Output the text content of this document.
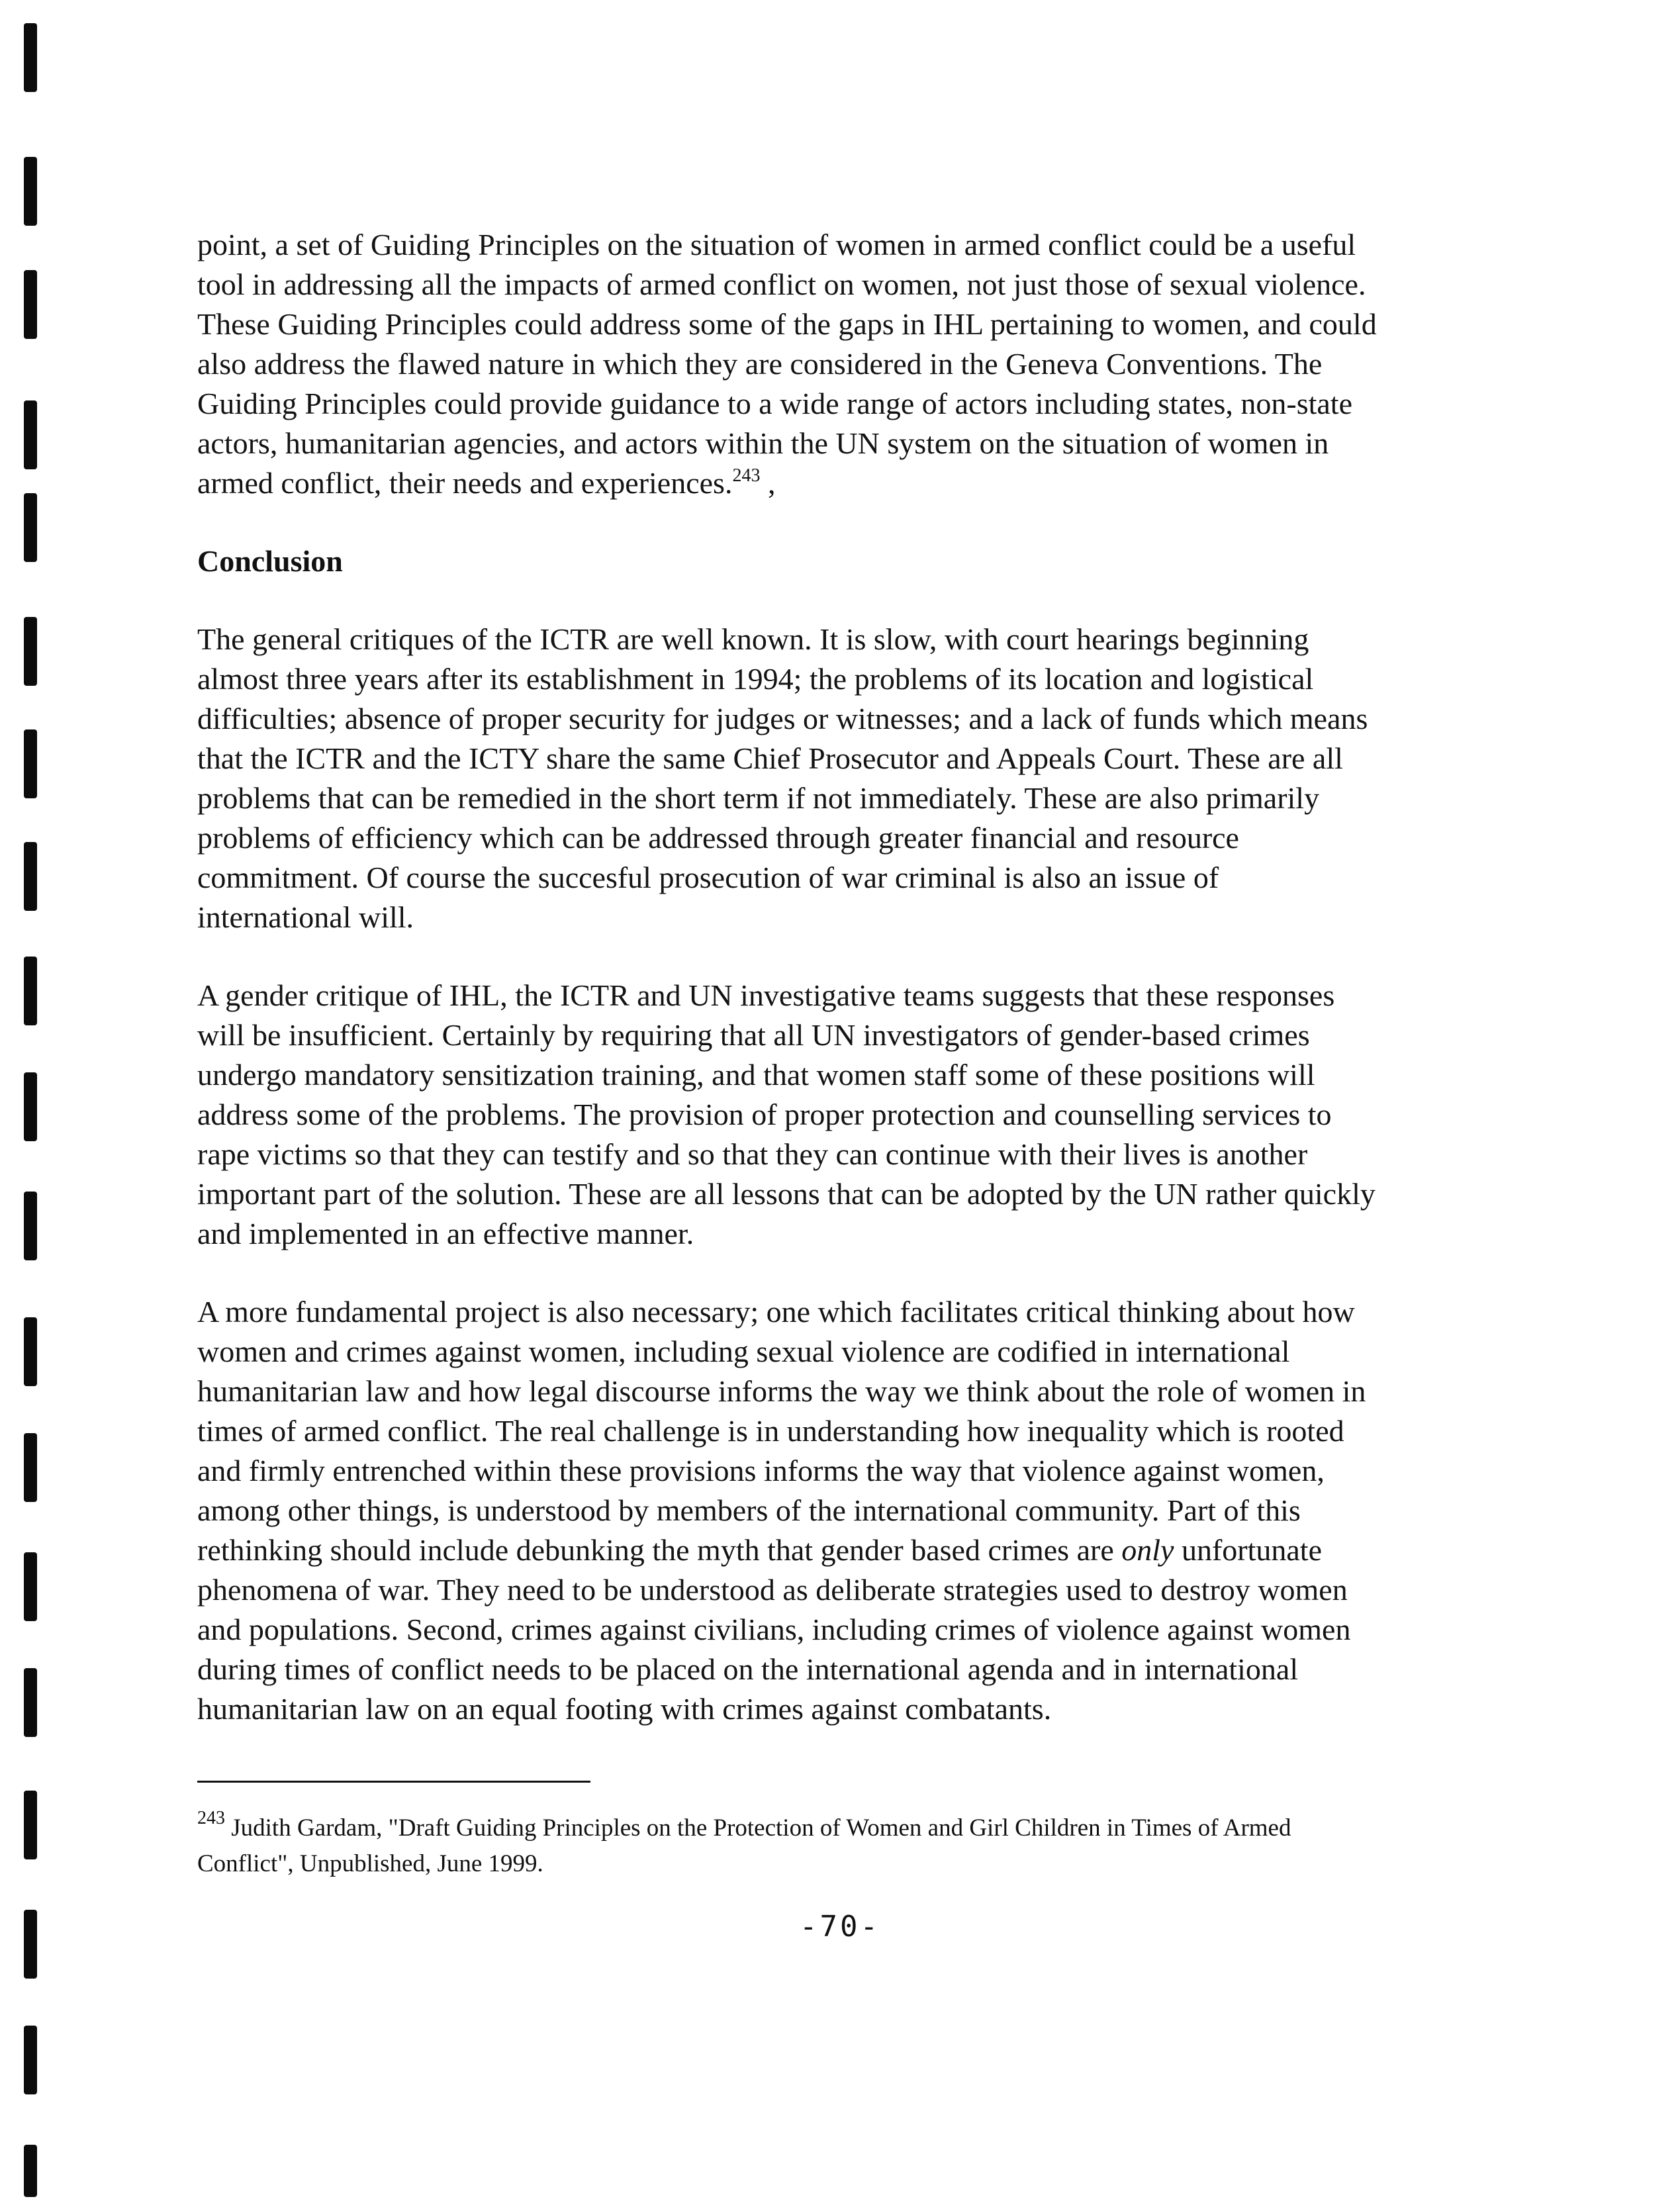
point, a set of Guiding Principles on the situation of women in armed conflict could be a useful
tool in addressing all the impacts of armed conflict on women, not just those of sexual violence.
These Guiding Principles could address some of the gaps in IHL pertaining to women, and could
also address the flawed nature in which they are considered in the Geneva Conventions. The
Guiding Principles could provide guidance to a wide range of actors including states, non-state
actors, humanitarian agencies, and actors within the UN system on the situation of women in
armed conflict, their needs and experiences.$^{243}$ ,

Conclusion

The general critiques of the ICTR are well known. It is slow, with court hearings beginning
almost three years after its establishment in 1994; the problems of its location and logistical
difficulties; absence of proper security for judges or witnesses; and a lack of funds which means
that the ICTR and the ICTY share the same Chief Prosecutor and Appeals Court. These are all
problems that can be remedied in the short term if not immediately. These are also primarily
problems of efficiency which can be addressed through greater financial and resource
commitment. Of course the succesful prosecution of war criminal is also an issue of
international will.

A gender critique of IHL, the ICTR and UN investigative teams suggests that these responses
will be insufficient. Certainly by requiring that all UN investigators of gender-based crimes
undergo mandatory sensitization training, and that women staff some of these positions will
address some of the problems. The provision of proper protection and counselling services to
rape victims so that they can testify and so that they can continue with their lives is another
important part of the solution. These are all lessons that can be adopted by the UN rather quickly
and implemented in an effective manner.

A more fundamental project is also necessary; one which facilitates critical thinking about how
women and crimes against women, including sexual violence are codified in international
humanitarian law and how legal discourse informs the way we think about the role of women in
times of armed conflict. The real challenge is in understanding how inequality which is rooted
and firmly entrenched within these provisions informs the way that violence against women,
among other things, is understood by members of the international community. Part of this
rethinking should include debunking the myth that gender based crimes are only unfortunate
phenomena of war. They need to be understood as deliberate strategies used to destroy women
and populations. Second, crimes against civilians, including crimes of violence against women
during times of conflict needs to be placed on the international agenda and in international
humanitarian law on an equal footing with crimes against combatants.

$^{243}$ Judith Gardam, "Draft Guiding Principles on the Protection of Women and Girl Children in Times of Armed
Conflict", Unpublished, June 1999.
-70-
